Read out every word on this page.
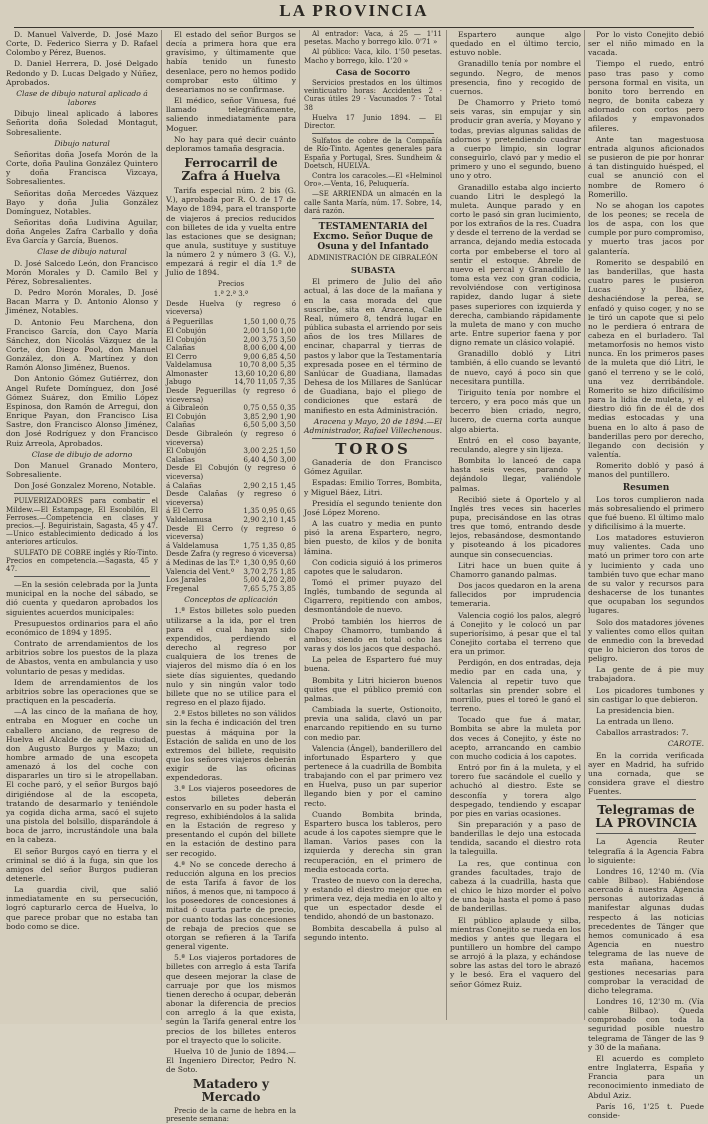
LA PROVINCIA

D. Manuel Valverde, D. José Mazo Corte, D. Federico Sierra y D. Rafael Colombo y Pérez, Buenos.

D. Daniel Herrera, D. José Delgado Redondo y D. Lucas Delgado y Núñez, Aprobados.

Clase de dibujo natural aplicado á labores

Dibujo lineal aplicado á labores Señorita doña Soledad Montagut, Sobresaliente.

Dibujo natural

Señoritas doña Josefa Morón de la Corte, doña Paulina González Quintero y doña Francisca Vizcaya, Sobresalientes.

Señoritas doña Mercedes Vázquez Bayo y doña Julia González Domínguez, Notables.

Señoritas doña Ludivina Aguilar, doña Angeles Zafra Carballo y doña Eva García y García, Buenos.

Clase de dibujo natural

D. José Salcedo León, don Francisco Morón Morales y D. Camilo Bel y Pérez, Sobresalientes.

D. Pedro Morón Morales, D. José Bacan Marra y D. Antonio Alonso y Jiménez, Notables.

D. Antonio Feu Marchena, don Francisco García, don Cayo María Sánchez, don Nicolás Vázquez de la Corte, don Diego Pool, don Manuel González, don A. Martínez y don Ramón Alonso Jiménez, Buenos.

Don Antonio Gómez Gutiérrez, don Angel Rufete Domínguez, don José Gómez Suárez, don Emilio López Espinosa, don Ramón de Arregui, don Enrique Payan, don Francisco Lisa Sastre, don Francisco Alonso Jiménez, don José Rodríguez y don Francisco Ruiz Arreola, Aprobados.

Clase de dibujo de adorno

Don Manuel Granado Montero, Sobresaliente.

Don José Gonzalez Moreno, Notable.

PULVERIZADORES para combatir el Mildew.—El Estampage, El Escobilón, El Ferroses.—Competencia en clases y precios.—J. Beguiristain, Sagasta, 45 y 47.—Unico establecimiento dedicado á los anteriores artículos.

SULFATO DE COBRE inglés y Río-Tinto. Precios en competencia.—Sagasta, 45 y 47.

—En la sesión celebrada por la Junta municipal en la noche del sábado, se dió cuenta y quedaron aprobados los siguientes acuerdos municipales:

Presupuestos ordinarios para el año económico de 1894 y 1895.

Contrato de arrendamientos de los arbitrios sobre los puestos de la plaza de Abastos, venta en ambulancia y uso voluntario de pesas y medidas.

Idem de arrendamientos de los arbitrios sobre las operaciones que se practiquen en la pescadería.

—A las cinco de la mañana de hoy, entraba en Moguer en coche un caballero anciano, de regreso de Huelva el Alcalde de aquella ciudad, don Augusto Burgos y Mazo; un hombre armado de una escopeta amenazó á los del coche con dispararles un tiro si le atropellaban. El coche paró, y el señor Burgos bajó dirigiéndose al de la escopeta, tratando de desarmarlo y teniéndole ya cogida dicha arma, sacó el sujeto una pistola del bolsillo, disparándole á boca de jarro, incrustándole una bala en la cabeza.

El señor Burgos cayó en tierra y el criminal se dió á la fuga, sin que los amigos del señor Burgos pudieran detenerle.

La guardia civil, que salió inmediatamente en su persecución, logró capturarlo cerca de Huelva, lo que parece probar que no estaba tan bodo como se dice.

El estado del señor Burgos se decía a primera hora que era gravísimo, y últimamente que había tenido un funesto desenlace, pero no hemos podido comprobar esto último y deseariamos no se confirmase.

El médico, señor Vinuesa, fué llamado telegráficamente, saliendo inmediatamente para Moguer.

No hay para qué decir cuánto deploramos tamaña desgracia.

Ferrocarril de Zafra á Huelva

Tarifa especial núm. 2 bis (G. V.), aprobada por R. O. de 17 de Mayo de 1894, para el transporte de viajeros á precios reducidos con billetes de ida y vuelta entre las estaciones que se designan; que anula, sustituye y sustituye la número 2 y número 3 (G. V.), empezará á regir el día 1.º de Julio de 1894.

Precios

1.ª 2.ª 3.ª

Desde Huelva (y regreso ó viceversa)

á Peguerillas	1,50 1,00 0,75
El Cobujón	2,00 1,50 1,00
El Cobujón	2,00 3,75 3,50
Calañas	8,00 6,00 4,00
El Cerro	9,00 6,85 4,50
Valdelamusa	10,70 8,00 5,35
Almonaster	13,60 10,20 6,80
Jabugo	14,70 11,05 7,35
Desde Peguerillas (y regreso ó viceversa)
á Gibraleón	0,75 0,55 0,35
El Cobujón	3,85 2,90 1,90
Calañas	6,50 5,00 3,50
Desde Gibraleón (y regreso ó viceversa)
El Cobujón	3,00 2,25 1,50
Calañas	6,40 4,50 3,00
Desde El Cobujón (y regreso ó viceversa)
á Calañas	2,90 2,15 1,45
Desde Calañas (y regreso ó viceversa)
á El Cerro	1,35 0,95 0,65
Valdelamusa	2,90 2,10 1,45
Desde El Cerro (y regreso ó viceversa)
á Valdelamusa	1,75 1,35 0,85
Desde Zafra (y regreso ó viceversa)
á Medinas de las T.ª 1,30 0,95 0,60
Valencia del Vent.º 3,70 2,75 1,85
Los Jarales	5,00 4,20 2,80
Fregenal	7,65 5,75 3,85

Conceptos de aplicación

1.ª Estos billetes solo pueden utilizarse a la ida, por el tren para el cual hayan sido expendidos, perdiendo el derecho al regreso por cualquiera de los trenes de viajeros del mismo día ó en los siete días siguientes, quedando nulo y sin ningún valor todo billete que no se utilice para el regreso en el plazo fijado.

2.ª Estos billetes no son válidos sin la fecha é indicación del tren puestas á máquina por la Estación de salida en uno de los extremos del billete, requisito que los señores viajeros deberán exigir de las oficinas expendedoras.

3.ª Los viajeros poseedores de estos billetes deberán conservarlo en su poder hasta el regreso, exhibiéndolos á la salida en la Estación de regreso y presentando el cupón del billete en la estación de destino para ser recogido.

4.ª No se concede derecho á reducción alguna en los precios de esta Tarifa á favor de los niños, á menos que, ni tampoco á los poseedores de concesiones á mitad ó cuarta parte de precio, por cuanto todas las concesiones de rebaja de precios que se otorgan se refieren á la Tarifa general vigente.

5.ª Los viajeros portadores de billetes con arreglo á esta Tarifa que deseen mejorar la clase de carruaje por que los mismos tienen derecho á ocupar, deberán abonar la diferencia de precios con arreglo á la que exista, según la Tarifa general entre los precios de los billetes enteros por el trayecto que lo solicite.

Huelva 10 de Junio de 1894.—El Ingeniero Director, Pedro N. de Soto.

Matadero y Mercado

Precio de la carne de hebra en la presente semana:

Al entrador: Vaca, á 25 — 1'11 pesetas. Macho y borrego kilo. 0'71 »

Al público: Vaca, kilo. 1'50 pesetas. Macho y borrego, kilo. 1'20 »

Casa de Socorro

Servicios prestados en los últimos veinticuatro horas: Accidentes 2 · Curas útiles 29 · Vacunados 7 · Total 38

Huelva 17 Junio 1894. — El Director.

Sulfatos de cobre de la Compañía de Río-Tinto. Agentes generales para España y Portugal, Sres. Sundheim & Doetsch, HUELVA.

Contra los caracoles.—El «Helminol Oro».—Venta, 16, Peluquería.

—SE ARRIENDA un almacén en la calle Santa María, núm. 17. Sobre, 14, dará razón.

TESTAMENTARIA del Excmo. Señor Duque de Osuna y del Infantado

ADMINISTRACIÓN DE GIBRALEÓN

SUBASTA

El primero de Julio del año actual, á las doce de la mañana y en la casa morada del que suscribe, sita en Aracena, Calle Real, número 8, tendrá lugar en pública subasta el arriendo por seis años de los tres Millares de encinar, chaparral y tierras de pastos y labor que la Testamentaría expresada posee en el término de Sanlúcar de Guadiana, llamadas Dehesa de los Millares de Sanlúcar de Guadiana, bajo el pliego de condiciones que estará de manifiesto en esta Administración.

Aracena y Mayo, 20 de 1894.—El Administrador, Rafael Villechenous.

TOROS

Ganadería de don Francisco Gómez Aguilar.

Espadas: Emilio Torres, Bombita, y Miguel Báez, Litri.

Presidía el segundo teniente don José López Moreno.

A las cuatro y media en punto pisó la arena Espartero, negro, bien puesto, de kilos y de bonita lámina.

Con codicia siguió á los primeros capotes que le saludaron.

Tomó el primer puyazo del Inglés, tumbando de segunda al Cigarrero, repitiendo con ambos, desmontándole de nuevo.

Probó también los hierros de Chapoy Chamorro, tumbando á ambos; siendo en total ocho las varas y dos los jacos que despachó.

La pelea de Espartero fué muy buena.

Bombita y Litri hicieron buenos quites que el público premió con palmas.

Cambiada la suerte, Ostionoito, previa una salida, clavó un par enarcando repitiendo en su turno con medio par.

Valencia (Ángel), banderillero del infortunado Espartero y que pertenece á la cuadrilla de Bombita trabajando con el par primero vez en Huelva, puso un par superior llegando bien y por el camino recto.

Cuando Bombita brinda, Espartero busca los tableros, pero acude á los capotes siempre que le llaman. Varios pases con la izquierda y derecha sin gran recuperación, en el primero de media estocada corta.

Trasteo de nuevo con la derecha, y estando el diestro mejor que en primera vez, deja media en lo alto y que un espectador desde el tendido, ahondó de un bastonazo.

Bombita descabella á pulso al segundo intento.

Espartero aunque algo quedado en el último tercio, estuvo noble.

Granadillo tenía por nombre el segundo. Negro, de menos presencia, fino y recogido de cuernos.

De Chamorro y Prieto tomó seis varas, sin empujar y sin producir gran avería, y Moyano y todas, previas algunas salidas de adornos y pretendiendo cuadrar a cuerpo limpio, sin lograr conseguirlo, clavó par y medio el primero y uno el segundo, bueno uno y otro.

Granadillo estaba algo incierto cuando Litri le desplegó la muleta. Aunque parado y en corto le pasó sin gran lucimiento, por los extraños de la res. Cuadra y desde el terreno de la verdad se arranca, dejando media estocada corta por embeberse el toro al sentir el estoque. Abrele de nuevo el percal y Granadillo le toma esta vez con gran codicia, revolviéndose con vertiginosa rapidez, dando lugar á siete pases superiores con izquierda y derecha, cambiando rápidamente la muleta de mano y con mucho arte. Entre superior faena y por digno remate un clásico volapié.

Granadillo dobló y Litri también, á ello cuando se levantó de nuevo, cayó á poco sin que necesitara puntilla.

Tiriguito tenía por nombre el tercero, y era poco más que un becerro bien criado, negro, lucero, de cuerna corta aunque algo abierta.

Entró en el coso bayante, reculando, alegre y sin lijeza.

Bombita lo lanceó de capa hasta seis veces, parando y dejándolo llegar, valiéndole palmas.

Recibió siete á Oportelo y al Inglés tres veces sin hacerles pupa, precisándose en las otras tres que tomó, entrando desde lejos, rebasándose, desmontando y pisoteando á los picadores aunque sin consecuencias.

Litri hace un buen quite á Chamorro ganando palmas.

Dos jacos quedaron en la arena fallecidos por imprudencia temeraria.

Valencia cogió los palos, alegró á Conejito y le colocó un par superiorísimo, á pesar que el tal Conejito cortaba el terreno que era un primor.

Perdigón, en dos entradas, deja medio par en cada una, y Valencia al repetir tuvo que soltarlas sin prender sobre el morrillo, pues el toreó le ganó el terreno.

Tocado que fue á matar, Bombita se abre la muleta por dos veces á Conejito, y éste no acepto, arrancando en cambio con mucho codicia á los capotes.

Entró por fin á la muleta, y el torero fue sacándole el cuello y achuchó al diestro. Este se desconfía y torera algo despegado, tendiendo y escapar por pies en varias ocasiones.

Sin preparación y a paso de banderillas le dejo una estocada tendida, sacando el diestro rota la taleguilla.

La res, que continua con grandes facultades, trajo de cabeza á la cuadrilla, hasta que el chico le hizo morder el polvo de una baja hasta el pomo á paso de banderillas.

El público aplaude y silba, mientras Conejito se rueda en los medios y antes que llegara el puntillero un hombre del campo se arrojó á la plaza, y echándose sobre las astas del toro le abrazó y le besó. Era el vaquero del señor Gómez Ruiz.

Por lo visto Conejito debió ser el niño mimado en la vacada.

Tiempo el ruedo, entró paso tras paso y como persona formal en visita, un bonito toro berrendo en negro, de bonita cabeza y adornado con cortos pero afilados y empavonados afileres.

Ante tan magestuosa entrada algunos aficionados se pusieron de pie por honrar á tan distinguido huésped, el cual se anunció con el nombre de Romero ó Romerillo.

No se ahogan los capotes de los peones; se recela de los de aspa, con los que cumple por puro compromiso, y muerto tras jacos por galantería.

Romerito se despabiló en las banderillas, que hasta cuatro pares le pusieron Lucas y Ibáñez, deshaciéndose la perea, se enfadó y quiso coger, y no se le tiró un capote que si pelo no le perdiera ó entrara de cabeza en el burladero. Tal metamorfosis no hemos visto nunca. En los primeros pases de la muleta que dió Litri, le ganó el terreno y se le coló, una vez derribándole. Romerito se hizo dificilísimo para la lidia de muleta, y el diestro dió fin de él de dos medias estocadas y una buena en lo alto á paso de banderillas pero por derecho, llegando con decisión y valentía.

Romerito dobló y pasó á manos del puntillero.

Resumen

Los toros cumplieron nada más sobresaliendo el primero que fué bueno. El último malo y dificilísimo á la muerte.

Los matadores estuvieron muy valientes. Cada uno mató un primer toro con arte y lucimiento y cada uno también tuvo que echar mano de su valor y recursos para deshacerse de los tunantes que ocupaban los segundos lugares.

Solo dos matadores jóvenes y valientes como ellos quitan de enmedio con la brevedad que lo hicieron dos toros de peligro.

La gente de á pie muy trabajadora.

Los picadores tumbones y sin castigar lo que debieron.

La presidencia bien.

La entrada un lleno.

Caballos arrastrados: 7.

CAROTE.

En la corrida verificada ayer en Madrid, ha sufrido una cornada, que se considera grave el diestro Fuentes.

Telegramas de LA PROVINCIA

La Agencia Reuter telegrafía á la Agencia Fabra lo siguiente:

Londres 16, 12'40 m. (Vía cable Bilbao). Habiéndose acercado á nuestra Agencia personas autorizadas á manifestar algunas dudas respecto á las noticias precedentes de Tánger que hemos comunicado á esa Agencia en nuestro telegrama de las nueve de esta mañana, hacemos gestiones necesarias para comprobar la veracidad de dicho telegrama.

Londres 16, 12'30 m. (Vía cable Bilbao). Queda comprobado con toda la seguridad posible nuestro telegrama de Tánger de las 9 y 30 de la mañana.

El acuerdo es completo entre Inglaterra, España y Francia para un reconocimiento inmediato de Abdul Aziz.

París 16, 1'25 t. Puede conside-
